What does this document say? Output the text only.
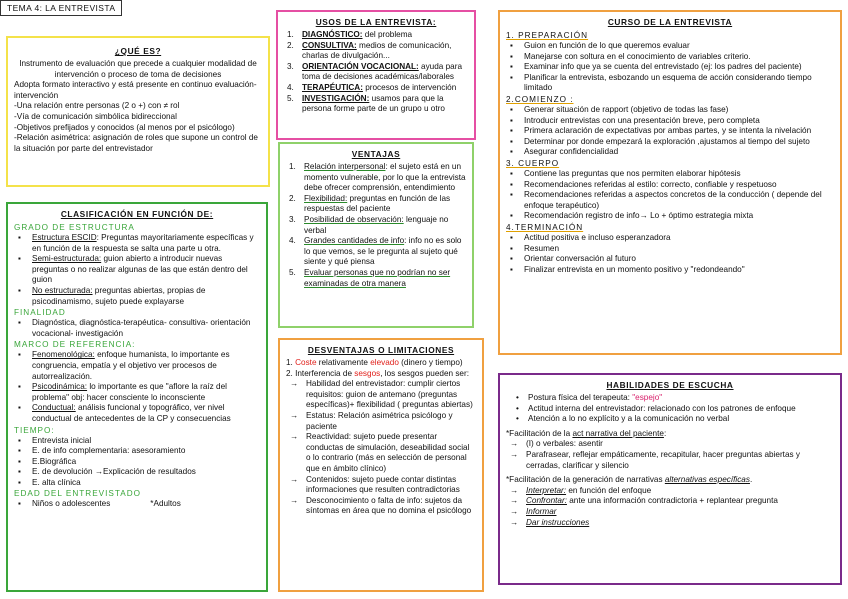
TEMA 4: LA ENTREVISTA
¿QUÉ ES?
Instrumento de evaluación que precede a cualquier modalidad de intervención o proceso de toma de decisiones
Adopta formato interactivo y está presente en continuo evaluación-intervención
-Una relación entre personas (2 o +) con ≠ rol
-Vía de comunicación simbólica bidireccional
-Objetivos prefijados y conocidos (al menos por el psicólogo)
-Relación asimétrica: asignación de roles que supone un control de la situación por parte del entrevistador
USOS DE LA ENTREVISTA:
1. DIAGNÓSTICO: del problema
2. CONSULTIVA: medios de comunicación, charlas de divulgación...
3. ORIENTACIÓN VOCACIONAL: ayuda para toma de decisiones académicas/laborales
4. TERAPÉUTICA: procesos de intervención
5. INVESTIGACIÓN: usamos para que la persona forme parte de un grupo u otro
CURSO DE LA ENTREVISTA
1. PREPARACIÓN
▪ Guion en función de lo que queremos evaluar
▪ Manejarse con soltura en el conocimiento de variables criterio.
▪ Examinar info que ya se cuenta del entrevistado (ej: los padres del paciente)
▪ Planificar la entrevista, esbozando un esquema de acción considerando tiempo limitado
2.COMIENZO :
▪ Generar situación de rapport (objetivo de todas las fase)
▪ Introducir entrevistas con una presentación breve, pero completa
▪ Primera aclaración de expectativas por ambas partes, y se intenta la nivelación
▪ Determinar por donde empezará la exploración ,ajustamos al tiempo del sujeto
▪ Asegurar confidencialidad
3. CUERPO
▪ Contiene las preguntas que nos permiten elaborar hipótesis
▪ Recomendaciones referidas al estilo: correcto, confiable y respetuoso
▪ Recomendaciones referidas a aspectos concretos de la conducción ( depende del enfoque terapéutico)
▪ Recomendación registro de info→ Lo + óptimo estrategia mixta
4.TERMINACIÓN
▪ Actitud positiva e incluso esperanzadora
▪ Resumen
▪ Orientar conversación al futuro
▪ Finalizar entrevista en un momento positivo y "redondeando"
VENTAJAS
1. Relación interpersonal: el sujeto está en un momento vulnerable, por lo que la entrevista debe ofrecer comprensión, entendimiento
2. Flexibilidad: preguntas en función de las respuestas del paciente
3. Posibilidad de observación: lenguaje no verbal
4. Grandes cantidades de info: info no es solo lo que vemos, se le pregunta al sujeto qué siente y qué piensa
5. Evaluar personas que no podrían no ser examinadas de otra manera
CLASIFICACIÓN EN FUNCIÓN DE:
GRADO DE ESTRUCTURA
▪ Estructura ESCID: Preguntas mayoritariamente específicas y en función de la respuesta se salta una parte u otra.
▪ Semi-estructurada: guion abierto a introducir nuevas preguntas o no realizar algunas de las que están dentro del guion
▪ No estructurada: preguntas abiertas, propias de psicodinamismo, sujeto puede explayarse
FINALIDAD
▪ Diagnóstica, diagnóstica-terapéutica- consultiva- orientación vocacional- investigación
MARCO DE REFERENCIA:
▪ Fenomenológica: enfoque humanista, lo importante es congruencia, empatía y el objetivo ver procesos de autorrealización.
▪ Psicodinámica: lo importante es que "aflore la raíz del problema" obj: hacer consciente lo inconsciente
▪ Conductual: análisis funcional y topográfico, ver nivel conductual de antecedentes de la CP y consecuencias
TIEMPO:
▪ Entrevista inicial
▪ E. de info complementaria: asesoramiento
▪ E.Biográfica
▪ E. de devolución →Explicación de resultados
▪ E. alta clínica
EDAD DEL ENTREVISTADO
▪ Niños o adolescentes	*Adultos
DESVENTAJAS O LIMITACIONES
1. Coste relativamente elevado (dinero y tiempo)
2. Interferencia de sesgos, los sesgos pueden ser:
→ Habilidad del entrevistador: cumplir ciertos requisitos: guion de antemano (preguntas específicas)+ flexibilidad ( preguntas abiertas)
→ Estatus: Relación asimétrica psicólogo y paciente
→ Reactividad: sujeto puede presentar conductas de simulación, deseabilidad social o lo contrario (más en selección de personal que en ámbito clínico)
→ Contenidos: sujeto puede contar distintas informaciones que resulten contradictorias
→ Desconocimiento o falta de info: sujetos da síntomas en área que no domina el psicólogo
HABILIDADES DE ESCUCHA
• Postura física del terapeuta: "espejo"
• Actitud interna del entrevistador: relacionado con los patrones de enfoque
• Atención a lo no explícito y a la comunicación no verbal
*Facilitación de la act narrativa del paciente:
→ (I) o verbales: asentir
→ Parafrasear, reflejar empáticamente, recapitular, hacer preguntas abiertas y cerradas, clarificar y silencio
*Facilitación de la generación de narrativas alternativas específicas.
→ Interpretar: en función del enfoque
→ Confrontar: ante una información contradictoria + replantear pregunta
→ Informar
→ Dar instrucciones
